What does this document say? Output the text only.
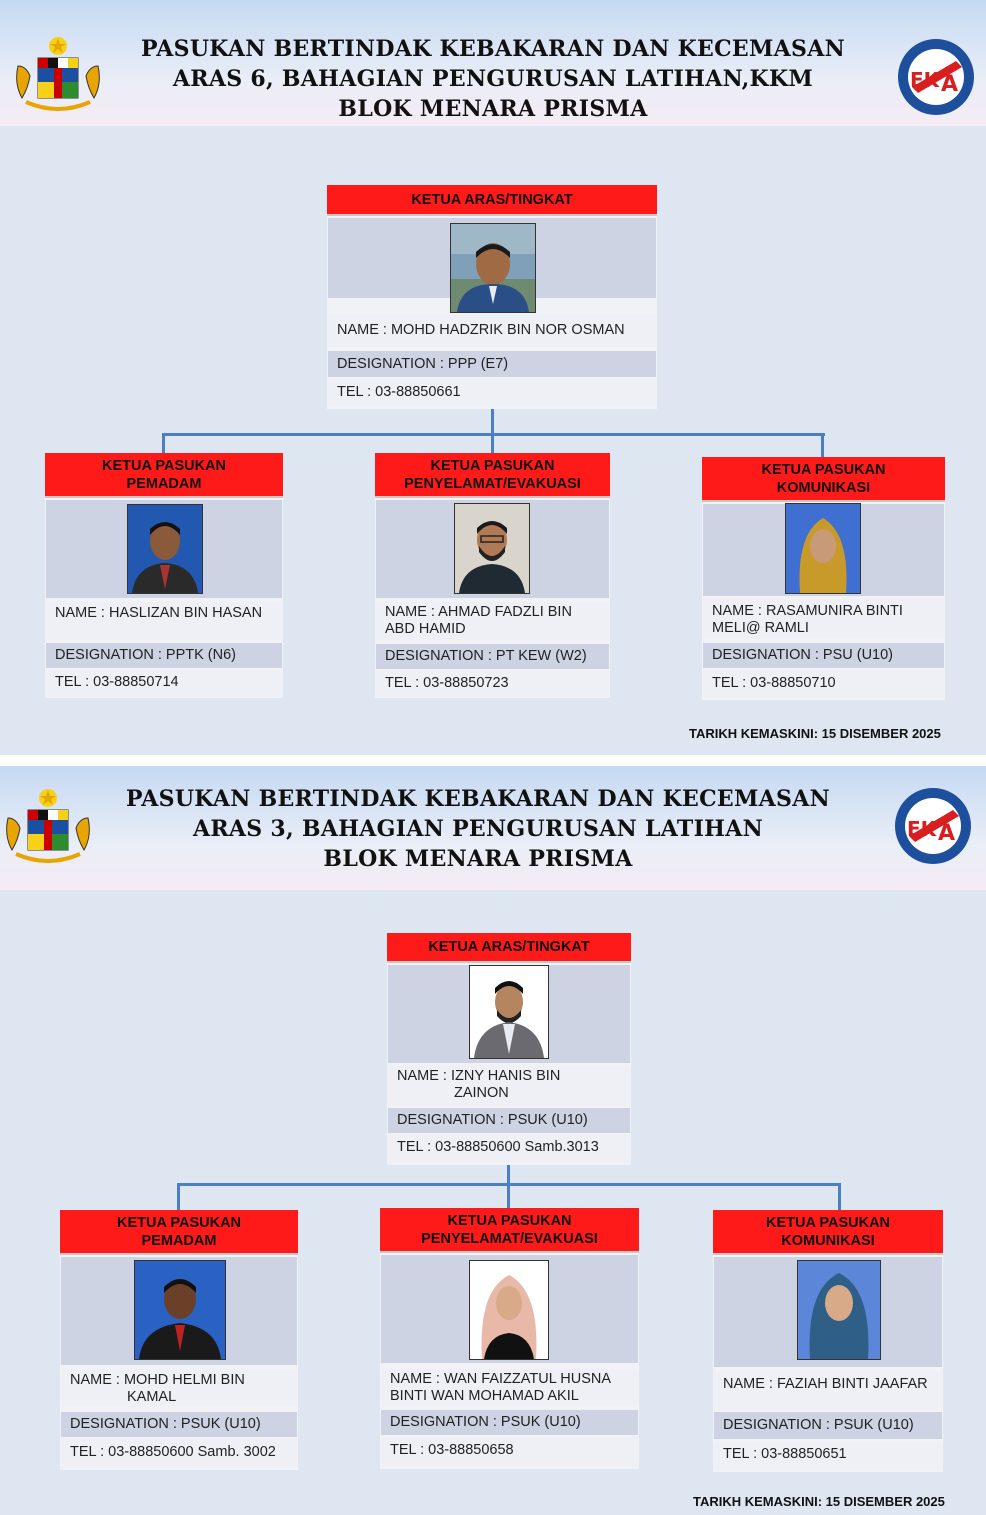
EK A
PASUKAN BERTINDAK KEBAKARAN DAN KECEMASAN
ARAS 6, BAHAGIAN PENGURUSAN LATIHAN,KKM
BLOK MENARA PRISMA
KETUA ARAS/TINGKAT
NAME : MOHD HADZRIK BIN NOR OSMAN
DESIGNATION : PPP (E7)
TEL : 03-88850661
KETUA PASUKAN
PEMADAM
NAME : HASLIZAN BIN HASAN
DESIGNATION : PPTK (N6)
TEL : 03-88850714
KETUA PASUKAN
PENYELAMAT/EVAKUASI
NAME : AHMAD FADZLI BIN
ABD HAMID
DESIGNATION : PT KEW (W2)
TEL : 03-88850723
KETUA PASUKAN
KOMUNIKASI
NAME : RASAMUNIRA BINTI
MELI@ RAMLI
DESIGNATION : PSU (U10)
TEL : 03-88850710
TARIKH KEMASKINI: 15 DISEMBER 2025
EK A
PASUKAN BERTINDAK KEBAKARAN DAN KECEMASAN
ARAS 3, BAHAGIAN PENGURUSAN LATIHAN
BLOK MENARA PRISMA
KETUA ARAS/TINGKAT
NAME : IZNY HANIS BIN
ZAINON
DESIGNATION : PSUK (U10)
TEL : 03-88850600 Samb.3013
KETUA PASUKAN
PEMADAM
NAME : MOHD HELMI BIN
KAMAL
DESIGNATION : PSUK (U10)
TEL : 03-88850600 Samb. 3002
KETUA PASUKAN
PENYELAMAT/EVAKUASI
NAME : WAN FAIZZATUL HUSNA
BINTI WAN MOHAMAD AKIL
DESIGNATION : PSUK (U10)
TEL : 03-88850658
KETUA PASUKAN
KOMUNIKASI
NAME : FAZIAH BINTI JAAFAR
DESIGNATION : PSUK (U10)
TEL : 03-88850651
TARIKH KEMASKINI: 15 DISEMBER 2025
